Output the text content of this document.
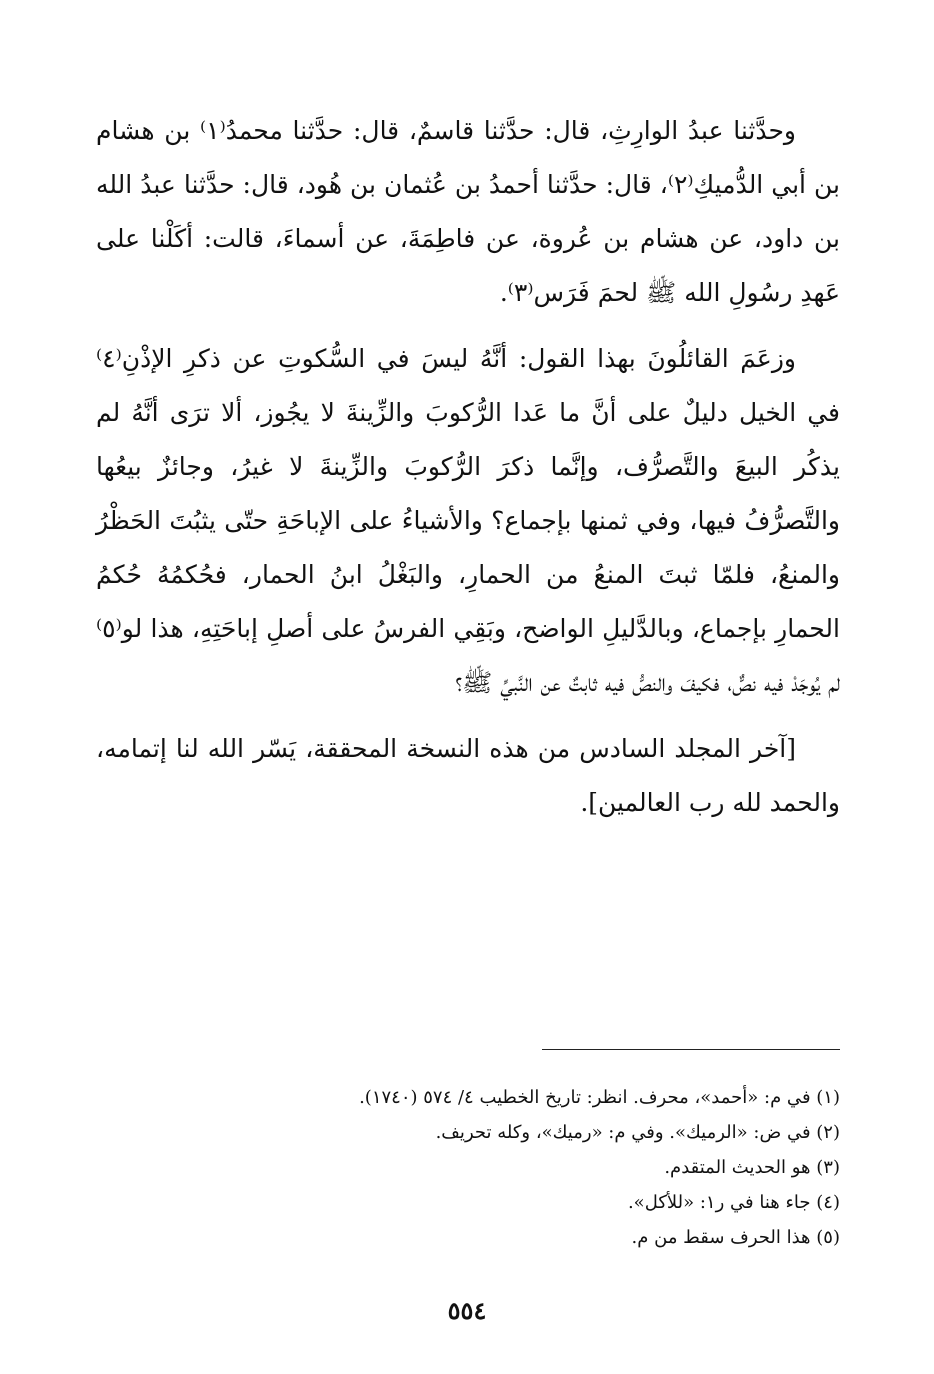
وحدَّثنا عبدُ الوارِثِ، قال: حدَّثنا قاسمٌ، قال: حدَّثنا محمدُ⁽١⁾ بن هشام بن أبي الدُّميكِ⁽٢⁾، قال: حدَّثنا أحمدُ بن عُثمان بن هُود، قال: حدَّثنا عبدُ الله بن داود، عن هشام بن عُروة، عن فاطِمَةَ، عن أسماءَ، قالت: أكَلْنا على عَهدِ رسُولِ الله ﷺ لحمَ فَرَس⁽٣⁾.

وزعَمَ القائلُونَ بهذا القول: أنَّهُ ليسَ في السُّكوتِ عن ذكرِ الإذْنِ⁽٤⁾ في الخيل دليلٌ على أنَّ ما عَدا الرُّكوبَ والزِّينةَ لا يجُوز، ألا ترَى أنَّهُ لم يذكُر البيعَ والتَّصرُّف، وإنَّما ذكرَ الرُّكوبَ والزِّينةَ لا غيرُ، وجائزٌ بيعُها والتَّصرُّفُ فيها، وفي ثمنها بإجماع؟ والأشياءُ على الإباحَةِ حتّى يثبُتَ الحَظْرُ والمنعُ، فلمّا ثبتَ المنعُ من الحمارِ، والبَغْلُ ابنُ الحمار، فحُكمُهُ حُكمُ الحمارِ بإجماع، وبالدَّليلِ الواضح، وبَقِي الفرسُ على أصلِ إباحَتِهِ، هذا لو⁽٥⁾ لم يُوجَدْ فيه نصٌّ، فكيفَ والنصُّ فيه ثابتٌ عن النَّبيِّ ﷺ؟

[آخر المجلد السادس من هذه النسخة المحققة، يَسّر الله لنا إتمامه، والحمد لله رب العالمين].

(١) في م: «أحمد»، محرف. انظر: تاريخ الخطيب ٤/ ٥٧٤ (١٧٤٠).

(٢) في ض: «الرميك». وفي م: «رميك»، وكله تحريف.

(٣) هو الحديث المتقدم.

(٤) جاء هنا في ر١: «للأكل».

(٥) هذا الحرف سقط من م.

٥٥٤
